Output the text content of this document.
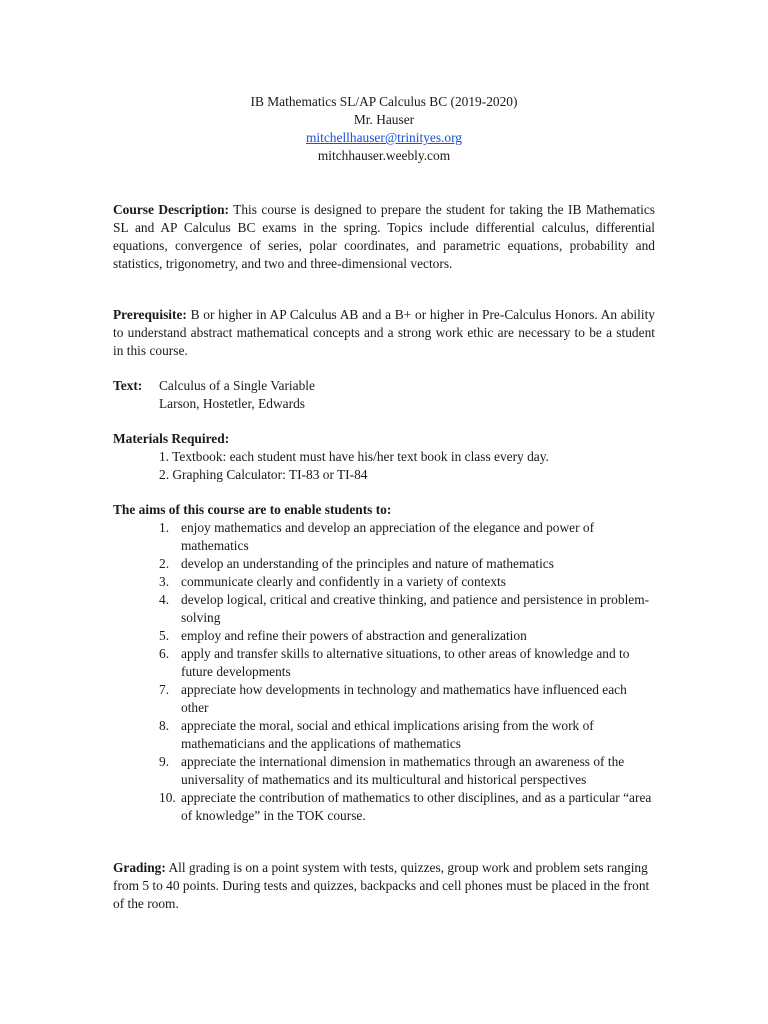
IB Mathematics SL/AP Calculus BC (2019-2020)
Mr. Hauser
mitchellhauser@trinityes.org
mitchhauser.weebly.com
Course Description: This course is designed to prepare the student for taking the IB Mathematics SL and AP Calculus BC exams in the spring. Topics include differential calculus, differential equations, convergence of series, polar coordinates, and parametric equations, probability and statistics, trigonometry, and two and three-dimensional vectors.
Prerequisite: B or higher in AP Calculus AB and a B+ or higher in Pre-Calculus Honors. An ability to understand abstract mathematical concepts and a strong work ethic are necessary to be a student in this course.
Text:	Calculus of a Single Variable
Larson, Hostetler, Edwards
Materials Required:
1. Textbook: each student must have his/her text book in class every day.
2. Graphing Calculator: TI-83 or TI-84
The aims of this course are to enable students to:
1. enjoy mathematics and develop an appreciation of the elegance and power of mathematics
2. develop an understanding of the principles and nature of mathematics
3. communicate clearly and confidently in a variety of contexts
4. develop logical, critical and creative thinking, and patience and persistence in problem-solving
5. employ and refine their powers of abstraction and generalization
6. apply and transfer skills to alternative situations, to other areas of knowledge and to future developments
7. appreciate how developments in technology and mathematics have influenced each other
8. appreciate the moral, social and ethical implications arising from the work of mathematicians and the applications of mathematics
9. appreciate the international dimension in mathematics through an awareness of the universality of mathematics and its multicultural and historical perspectives
10. appreciate the contribution of mathematics to other disciplines, and as a particular “area of knowledge” in the TOK course.
Grading: All grading is on a point system with tests, quizzes, group work and problem sets ranging from 5 to 40 points. During tests and quizzes, backpacks and cell phones must be placed in the front of the room.
